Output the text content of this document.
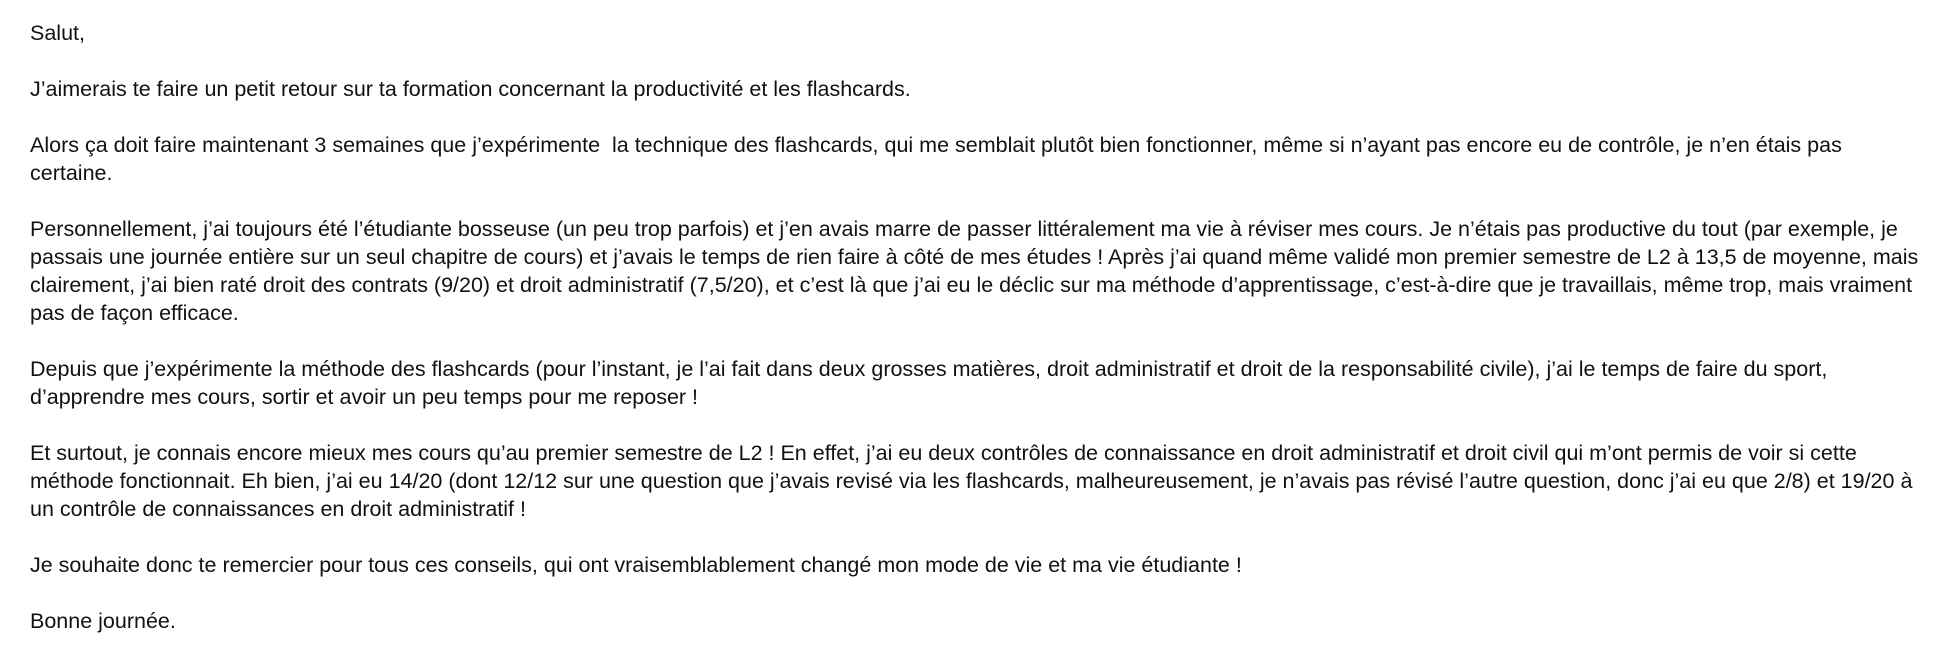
Salut,

J’aimerais te faire un petit retour sur ta formation concernant la productivité et les flashcards.

Alors ça doit faire maintenant 3 semaines que j’expérimente  la technique des flashcards, qui me semblait plutôt bien fonctionner, même si n’ayant pas encore eu de contrôle, je n’en étais pas certaine.

Personnellement, j’ai toujours été l’étudiante bosseuse (un peu trop parfois) et j’en avais marre de passer littéralement ma vie à réviser mes cours. Je n’étais pas productive du tout (par exemple, je passais une journée entière sur un seul chapitre de cours) et j’avais le temps de rien faire à côté de mes études ! Après j’ai quand même validé mon premier semestre de L2 à 13,5 de moyenne, mais clairement, j’ai bien raté droit des contrats (9/20) et droit administratif (7,5/20), et c’est là que j’ai eu le déclic sur ma méthode d’apprentissage, c’est-à-dire que je travaillais, même trop, mais vraiment pas de façon efficace.

Depuis que j’expérimente la méthode des flashcards (pour l’instant, je l’ai fait dans deux grosses matières, droit administratif et droit de la responsabilité civile), j’ai le temps de faire du sport, d’apprendre mes cours, sortir et avoir un peu temps pour me reposer !

Et surtout, je connais encore mieux mes cours qu’au premier semestre de L2 ! En effet, j’ai eu deux contrôles de connaissance en droit administratif et droit civil qui m’ont permis de voir si cette méthode fonctionnait. Eh bien, j’ai eu 14/20 (dont 12/12 sur une question que j’avais revisé via les flashcards, malheureusement, je n’avais pas révisé l’autre question, donc j’ai eu que 2/8) et 19/20 à un contrôle de connaissances en droit administratif !

Je souhaite donc te remercier pour tous ces conseils, qui ont vraisemblablement changé mon mode de vie et ma vie étudiante !

Bonne journée.
